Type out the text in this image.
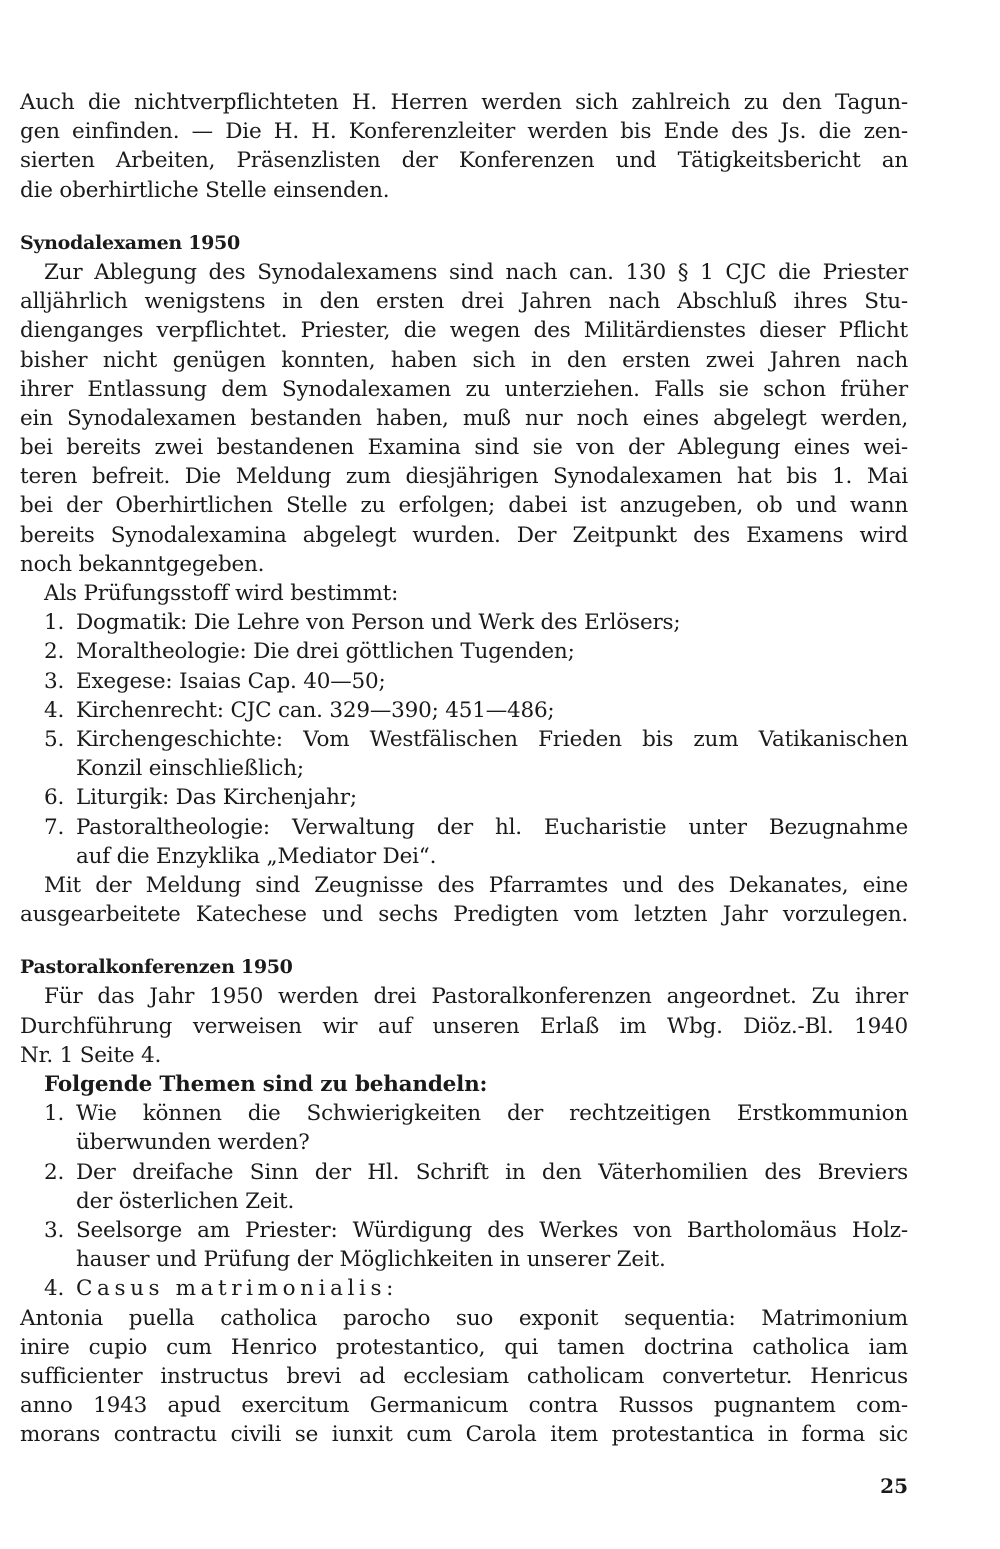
Auch die nichtverpflichteten H. Herren werden sich zahlreich zu den Tagun-
gen einfinden. — Die H. H. Konferenzleiter werden bis Ende des Js. die zen-
sierten Arbeiten, Präsenzlisten der Konferenzen und Tätigkeitsbericht an
die oberhirtliche Stelle einsenden.
Synodalexamen 1950
Zur Ablegung des Synodalexamens sind nach can. 130 § 1 CJC die Priester
alljährlich wenigstens in den ersten drei Jahren nach Abschluß ihres Stu-
dienganges verpflichtet. Priester, die wegen des Militärdienstes dieser Pflicht
bisher nicht genügen konnten, haben sich in den ersten zwei Jahren nach
ihrer Entlassung dem Synodalexamen zu unterziehen. Falls sie schon früher
ein Synodalexamen bestanden haben, muß nur noch eines abgelegt werden,
bei bereits zwei bestandenen Examina sind sie von der Ablegung eines wei-
teren befreit. Die Meldung zum diesjährigen Synodalexamen hat bis 1. Mai
bei der Oberhirtlichen Stelle zu erfolgen; dabei ist anzugeben, ob und wann
bereits Synodalexamina abgelegt wurden. Der Zeitpunkt des Examens wird
noch bekanntgegeben.
Als Prüfungsstoff wird bestimmt:
1. Dogmatik: Die Lehre von Person und Werk des Erlösers;
2. Moraltheologie: Die drei göttlichen Tugenden;
3. Exegese: Isaias Cap. 40—50;
4. Kirchenrecht: CJC can. 329—390; 451—486;
5. Kirchengeschichte: Vom Westfälischen Frieden bis zum Vatikanischen
Konzil einschließlich;
6. Liturgik: Das Kirchenjahr;
7. Pastoraltheologie: Verwaltung der hl. Eucharistie unter Bezugnahme
auf die Enzyklika „Mediator Dei“.
Mit der Meldung sind Zeugnisse des Pfarramtes und des Dekanates, eine
ausgearbeitete Katechese und sechs Predigten vom letzten Jahr vorzulegen.
Pastoralkonferenzen 1950
Für das Jahr 1950 werden drei Pastoralkonferenzen angeordnet. Zu ihrer
Durchführung verweisen wir auf unseren Erlaß im Wbg. Diöz.-Bl. 1940
Nr. 1 Seite 4.
Folgende Themen sind zu behandeln:
1. Wie können die Schwierigkeiten der rechtzeitigen Erstkommunion
überwunden werden?
2. Der dreifache Sinn der Hl. Schrift in den Väterhomilien des Breviers
der österlichen Zeit.
3. Seelsorge am Priester: Würdigung des Werkes von Bartholomäus Holz-
hauser und Prüfung der Möglichkeiten in unserer Zeit.
4. Casus matrimonialis:
Antonia puella catholica parocho suo exponit sequentia: Matrimonium
inire cupio cum Henrico protestantico, qui tamen doctrina catholica iam
sufficienter instructus brevi ad ecclesiam catholicam convertetur. Henricus
anno 1943 apud exercitum Germanicum contra Russos pugnantem com-
morans contractu civili se iunxit cum Carola item protestantica in forma sic
25
